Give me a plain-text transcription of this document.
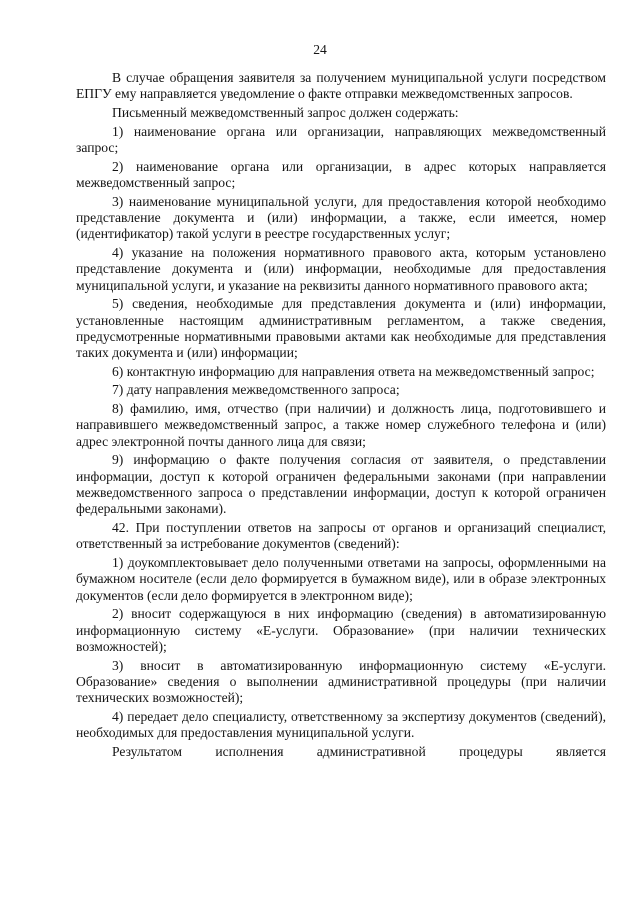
24

В случае обращения заявителя за получением муниципальной услуги посредством ЕПГУ ему направляется уведомление о факте отправки межведомственных запросов.

Письменный межведомственный запрос должен содержать:

1) наименование органа или организации, направляющих межведомственный запрос;

2) наименование органа или организации, в адрес которых направляется межведомственный запрос;

3) наименование муниципальной услуги, для предоставления которой необходимо представление документа и (или) информации, а также, если имеется, номер (идентификатор) такой услуги в реестре государственных услуг;

4) указание на положения нормативного правового акта, которым установлено представление документа и (или) информации, необходимые для предоставления муниципальной услуги, и указание на реквизиты данного нормативного правового акта;

5) сведения, необходимые для представления документа и (или) информации, установленные настоящим административным регламентом, а также сведения, предусмотренные нормативными правовыми актами как необходимые для представления таких документа и (или) информации;

6) контактную информацию для направления ответа на межведомственный запрос;

7) дату направления межведомственного запроса;

8) фамилию, имя, отчество (при наличии) и должность лица, подготовившего и направившего межведомственный запрос, а также номер служебного телефона и (или) адрес электронной почты данного лица для связи;

9) информацию о факте получения согласия от заявителя, о представлении информации, доступ к которой ограничен федеральными законами (при направлении межведомственного запроса о представлении информации, доступ к которой ограничен федеральными законами).

42. При поступлении ответов на запросы от органов и организаций специалист, ответственный за истребование документов (сведений):

1) доукомплектовывает дело полученными ответами на запросы, оформленными на бумажном носителе (если дело формируется в бумажном виде), или в образе электронных документов (если дело формируется в электронном виде);

2) вносит содержащуюся в них информацию (сведения) в автоматизированную информационную систему «Е-услуги. Образование» (при наличии технических возможностей);

3) вносит в автоматизированную информационную систему «Е-услуги. Образование» сведения о выполнении административной процедуры (при наличии технических возможностей);

4) передает дело специалисту, ответственному за экспертизу документов (сведений), необходимых для предоставления муниципальной услуги.

Результатом исполнения административной процедуры является
